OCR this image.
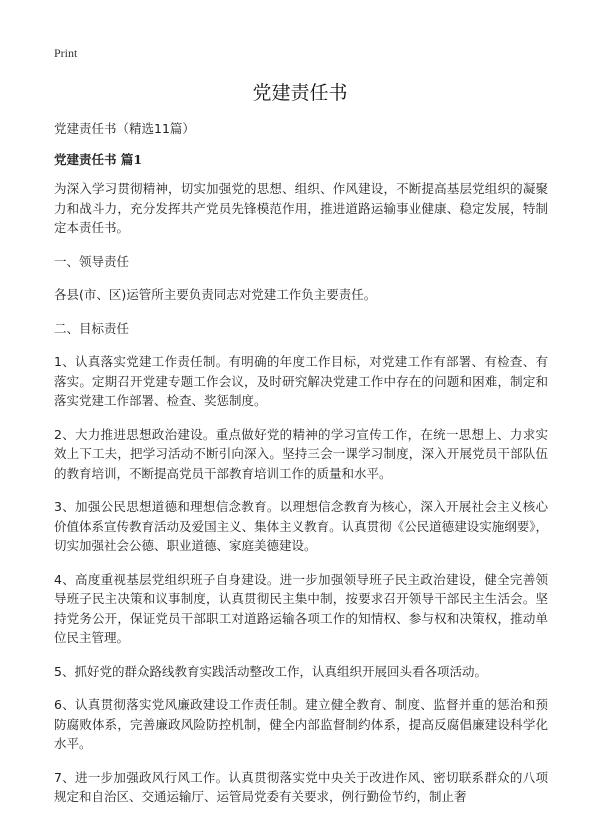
Print
党建责任书

党建责任书（精选11篇）

党建责任书 篇1

为深入学习贯彻精神，切实加强党的思想、组织、作风建设，不断提高基层党组织的凝聚力和战斗力，充分发挥共产党员先锋模范作用，推进道路运输事业健康、稳定发展，特制定本责任书。

一、领导责任

各县(市、区)运管所主要负责同志对党建工作负主要责任。

二、目标责任

1、认真落实党建工作责任制。有明确的年度工作目标，对党建工作有部署、有检查、有落实。定期召开党建专题工作会议，及时研究解决党建工作中存在的问题和困难，制定和落实党建工作部署、检查、奖惩制度。

2、大力推进思想政治建设。重点做好党的精神的学习宣传工作，在统一思想上、力求实效上下工夫，把学习活动不断引向深入。坚持三会一课学习制度，深入开展党员干部队伍的教育培训，不断提高党员干部教育培训工作的质量和水平。

3、加强公民思想道德和理想信念教育。以理想信念教育为核心，深入开展社会主义核心价值体系宣传教育活动及爱国主义、集体主义教育。认真贯彻《公民道德建设实施纲要》，切实加强社会公德、职业道德、家庭美德建设。

4、高度重视基层党组织班子自身建设。进一步加强领导班子民主政治建设，健全完善领导班子民主决策和议事制度，认真贯彻民主集中制，按要求召开领导干部民主生活会。坚持党务公开，保证党员干部职工对道路运输各项工作的知情权、参与权和决策权，推动单位民主管理。

5、抓好党的群众路线教育实践活动整改工作，认真组织开展回头看各项活动。

6、认真贯彻落实党风廉政建设工作责任制。建立健全教育、制度、监督并重的惩治和预防腐败体系，完善廉政风险防控机制，健全内部监督制约体系，提高反腐倡廉建设科学化水平。

7、进一步加强政风行风工作。认真贯彻落实党中央关于改进作风、密切联系群众的八项规定和自治区、交通运输厅、运管局党委有关要求，例行勤俭节约，制止奢
